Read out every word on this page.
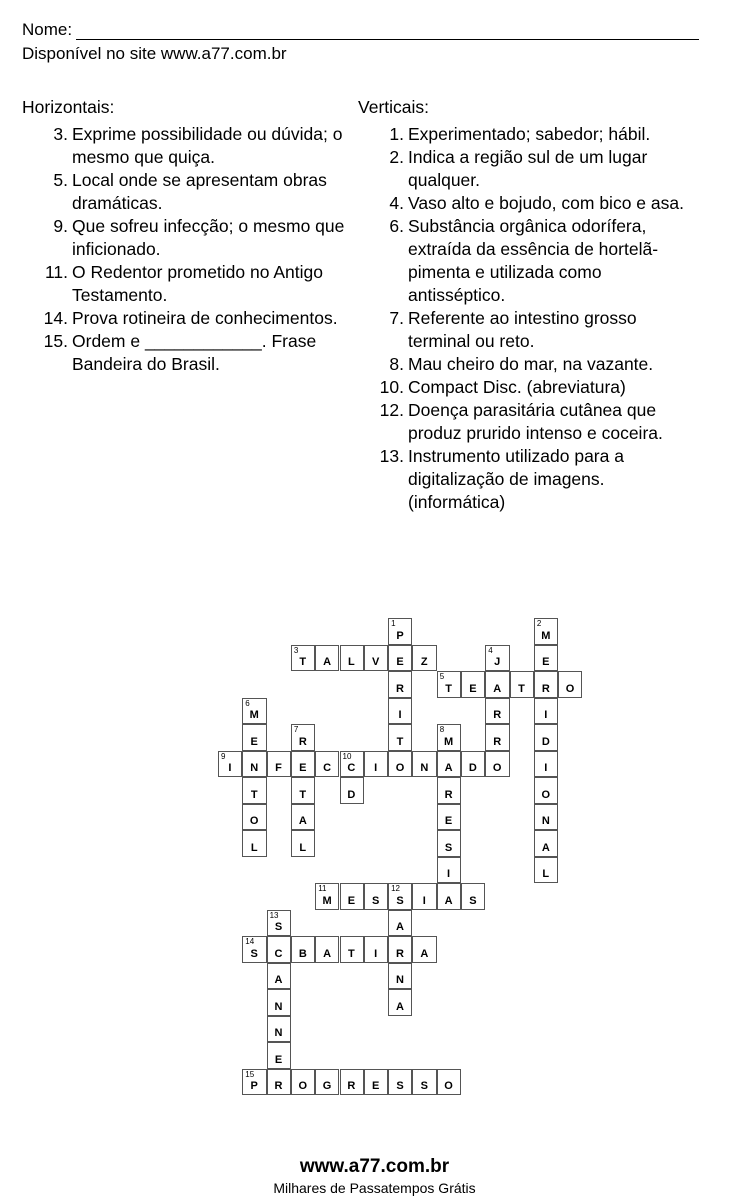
Nome:
Disponível no site www.a77.com.br
Horizontais:
3. Exprime possibilidade ou dúvida; o mesmo que quiça.
5. Local onde se apresentam obras dramáticas.
9. Que sofreu infecção; o mesmo que inficionado.
11. O Redentor prometido no Antigo Testamento.
14. Prova rotineira de conhecimentos.
15. Ordem e ____________. Frase Bandeira do Brasil.
Verticais:
1. Experimentado; sabedor; hábil.
2. Indica a região sul de um lugar qualquer.
4. Vaso alto e bojudo, com bico e asa.
6. Substância orgânica odorífera, extraída da essência de hortelã-pimenta e utilizada como antisséptico.
7. Referente ao intestino grosso terminal ou reto.
8. Mau cheiro do mar, na vazante.
10. Compact Disc. (abreviatura)
12. Doença parasitária cutânea que produz prurido intenso e coceira.
13. Instrumento utilizado para a digitalização de imagens. (informática)
1
P
E
R
I
T
O
2
M
E
R
I
D
I
O
N
A
L
3
T	A	L	V	Z
4
J
A
R
R
O
5
T	E	T	O
6
M
E
N
T
O
L
7
R
E
T
A
L
8
M
A
R
E
S
I
A
9
I	F	C
10
C	I	N	D
D
11
M	E	S
12
S	I	S
A
R
N
A
13
S
C
A
N
N
E
R
14
S	B	A	T	I	A
15
P	O	G	R	E	S	S	O
www.a77.com.br
Milhares de Passatempos Grátis
